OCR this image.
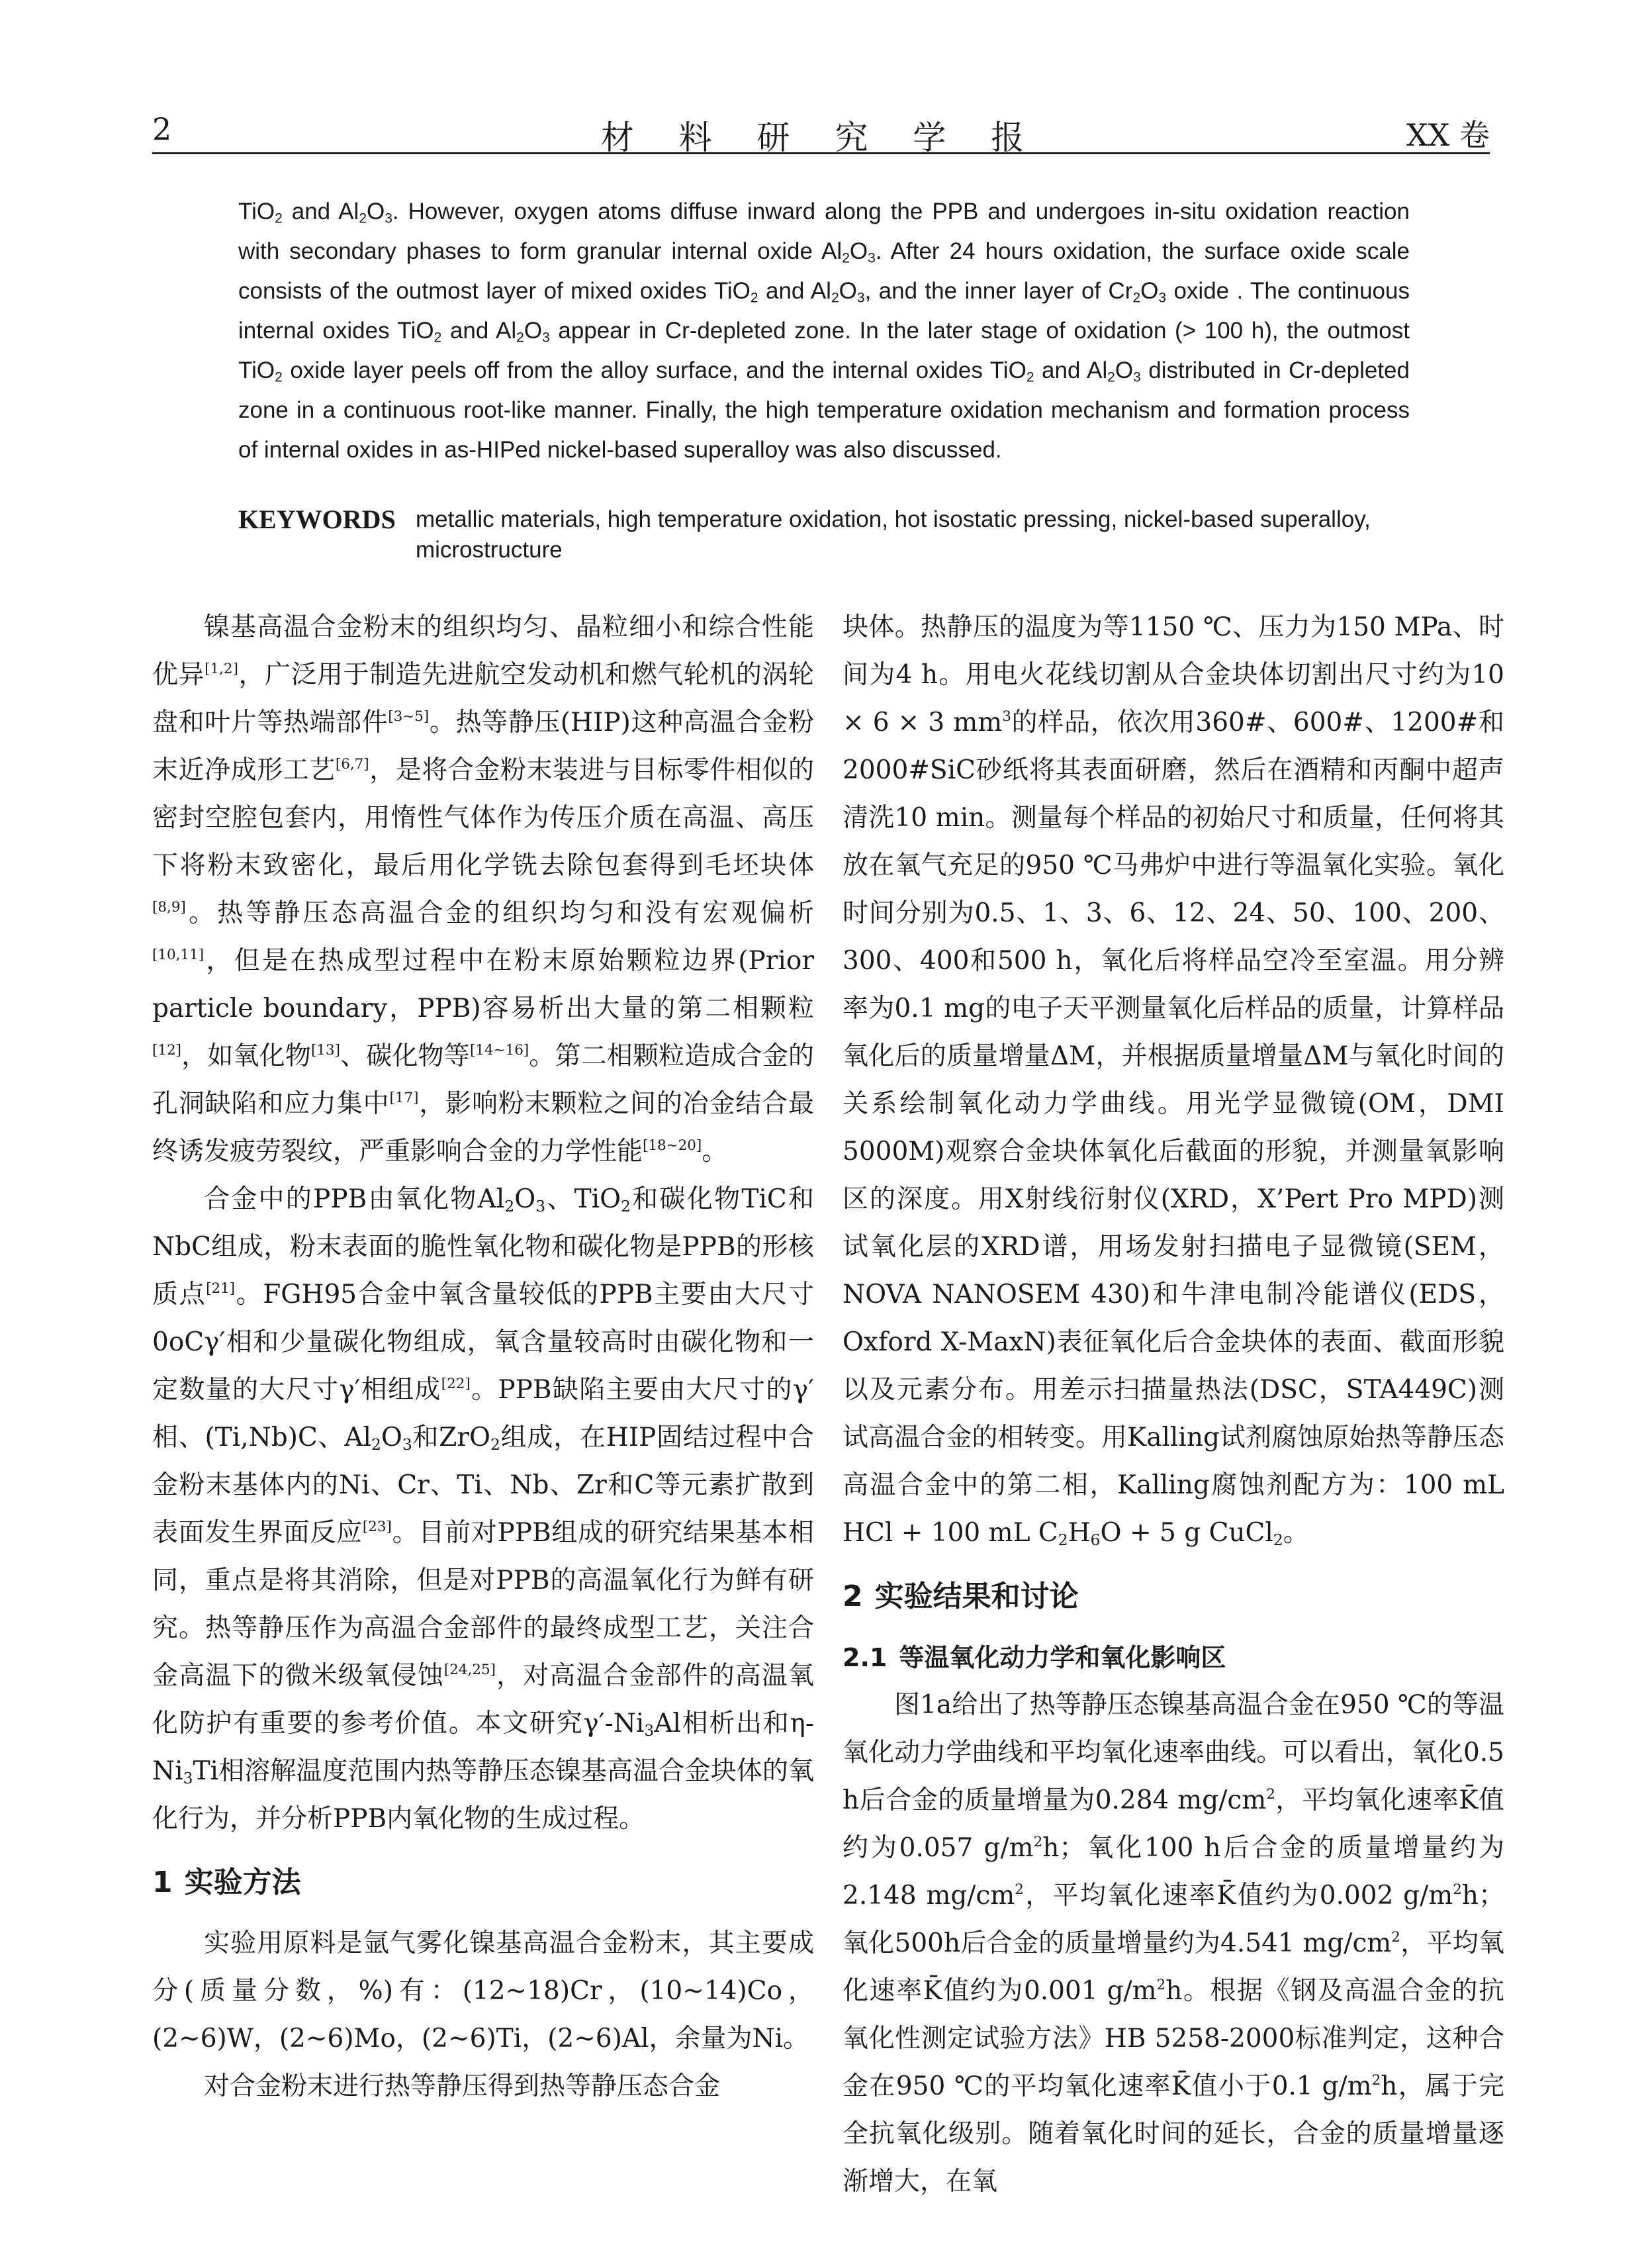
2	材 料 研 究 学 报	XX 卷
TiO$_2$ and $Al_2O_3$. However, oxygen atoms diffuse inward along the PPB and undergoes in-situ oxidation reaction with secondary phases to form granular internal oxide $Al_2O_3$. After 24 hours oxidation, the surface oxide scale consists of the outmost layer of mixed oxides TiO$_2$ and $Al_2O_3$, and the inner layer of $Cr_2O_3$ oxide . The continuous internal oxides TiO$_2$ and $Al_2O_3$ appear in Cr-depleted zone. In the later stage of oxidation (> 100 h), the outmost TiO$_2$ oxide layer peels off from the alloy surface, and the internal oxides TiO$_2$ and $Al_2O_3$ distributed in Cr-depleted zone in a continuous root-like manner. Finally, the high temperature oxidation mechanism and formation process of internal oxides in as-HIPed nickel-based superalloy was also discussed.
KEYWORDS metallic materials, high temperature oxidation, hot isostatic pressing, nickel-based superalloy, microstructure

镍基高温合金粉末的组织均匀、晶粒细小和综合性能优异[1,2]，广泛用于制造先进航空发动机和燃气轮机的涡轮盘和叶片等热端部件[3~5]。热等静压(HIP)这种高温合金粉末近净成形工艺[6,7]，是将合金粉末装进与目标零件相似的密封空腔包套内，用惰性气体作为传压介质在高温、高压下将粉末致密化，最后用化学铣去除包套得到毛坯块体[8,9]。热等静压态高温合金的组织均匀和没有宏观偏析[10,11]，但是在热成型过程中在粉末原始颗粒边界(Prior particle boundary，PPB)容易析出大量的第二相颗粒[12]，如氧化物[13]、碳化物等[14~16]。第二相颗粒造成合金的孔洞缺陷和应力集中[17]，影响粉末颗粒之间的冶金结合最终诱发疲劳裂纹，严重影响合金的力学性能[18~20]。

合金中的PPB由氧化物$Al_2O_3$、TiO$_2$和碳化物TiC和NbC组成，粉末表面的脆性氧化物和碳化物是PPB的形核质点[21]。FGH95合金中氧含量较低的PPB主要由大尺寸0oCγ′相和少量碳化物组成，氧含量较高时由碳化物和一定数量的大尺寸γ′相组成[22]。PPB缺陷主要由大尺寸的γ′相、(Ti,Nb)C、$Al_2O_3$和ZrO$_2$组成，在HIP固结过程中合金粉末基体内的Ni、Cr、Ti、Nb、Zr和C等元素扩散到表面发生界面反应[23]。目前对PPB组成的研究结果基本相同，重点是将其消除，但是对PPB的高温氧化行为鲜有研究。热等静压作为高温合金部件的最终成型工艺，关注合金高温下的微米级氧侵蚀[24,25]，对高温合金部件的高温氧化防护有重要的参考价值。本文研究$\gamma'-Ni_3Al$相析出和$\eta-Ni_3Ti$相溶解温度范围内热等静压态镍基高温合金块体的氧化行为，并分析PPB内氧化物的生成过程。

1 实验方法

实验用原料是氩气雾化镍基高温合金粉末，其主要成分(质量分数，%)有：(12~18)Cr，(10~14)Co，(2~6)W，(2~6)Mo，(2~6)Ti，(2~6)Al，余量为Ni。

对合金粉末进行热等静压得到热等静压态合金

块体。热静压的温度为等1150 ℃、压力为150 MPa、时间为4 h。用电火花线切割从合金块体切割出尺寸约为10 × 6 × 3 $mm^3$的样品，依次用360#、600#、1200#和2000#SiC砂纸将其表面研磨，然后在酒精和丙酮中超声清洗10 min。测量每个样品的初始尺寸和质量，任何将其放在氧气充足的950 ℃马弗炉中进行等温氧化实验。氧化时间分别为0.5、1、3、6、12、24、50、100、200、300、400和500 h，氧化后将样品空冷至室温。用分辨率为0.1 mg的电子天平测量氧化后样品的质量，计算样品氧化后的质量增量ΔM，并根据质量增量ΔM与氧化时间的关系绘制氧化动力学曲线。用光学显微镜(OM，DMI 5000M)观察合金块体氧化后截面的形貌，并测量氧影响区的深度。用X射线衍射仪(XRD，X’Pert Pro MPD)测试氧化层的XRD谱，用场发射扫描电子显微镜(SEM，NOVA NANOSEM 430)和牛津电制冷能谱仪(EDS，Oxford X-MaxN)表征氧化后合金块体的表面、截面形貌以及元素分布。用差示扫描量热法(DSC，STA449C)测试高温合金的相转变。用Kalling试剂腐蚀原始热等静压态高温合金中的第二相，Kalling腐蚀剂配方为：100 mL HCl + 100 mL $C_2H_6O + 5$ g CuCl$_2$。

2 实验结果和讨论
2.1 等温氧化动力学和氧化影响区

图1a给出了热等静压态镍基高温合金在950 ℃的等温氧化动力学曲线和平均氧化速率曲线。可以看出，氧化0.5 h后合金的质量增量为0.284 $mg/cm^2$，平均氧化速率K̄值约为0.057 $g/m^2h$；氧化100 h后合金的质量增量约为2.148 $mg/cm^2$，平均氧化速率K̄值约为0.002 $g/m^2h$；氧化500h后合金的质量增量约为4.541 $mg/cm^2$，平均氧化速率K̄值约为0.001 $g/m^2h$。根据《钢及高温合金的抗氧化性测定试验方法》HB 5258-2000标准判定，这种合金在950 ℃的平均氧化速率K̄值小于0.1 $g/m^2h$，属于完全抗氧化级别。随着氧化时间的延长，合金的质量增量逐渐增大，在氧
